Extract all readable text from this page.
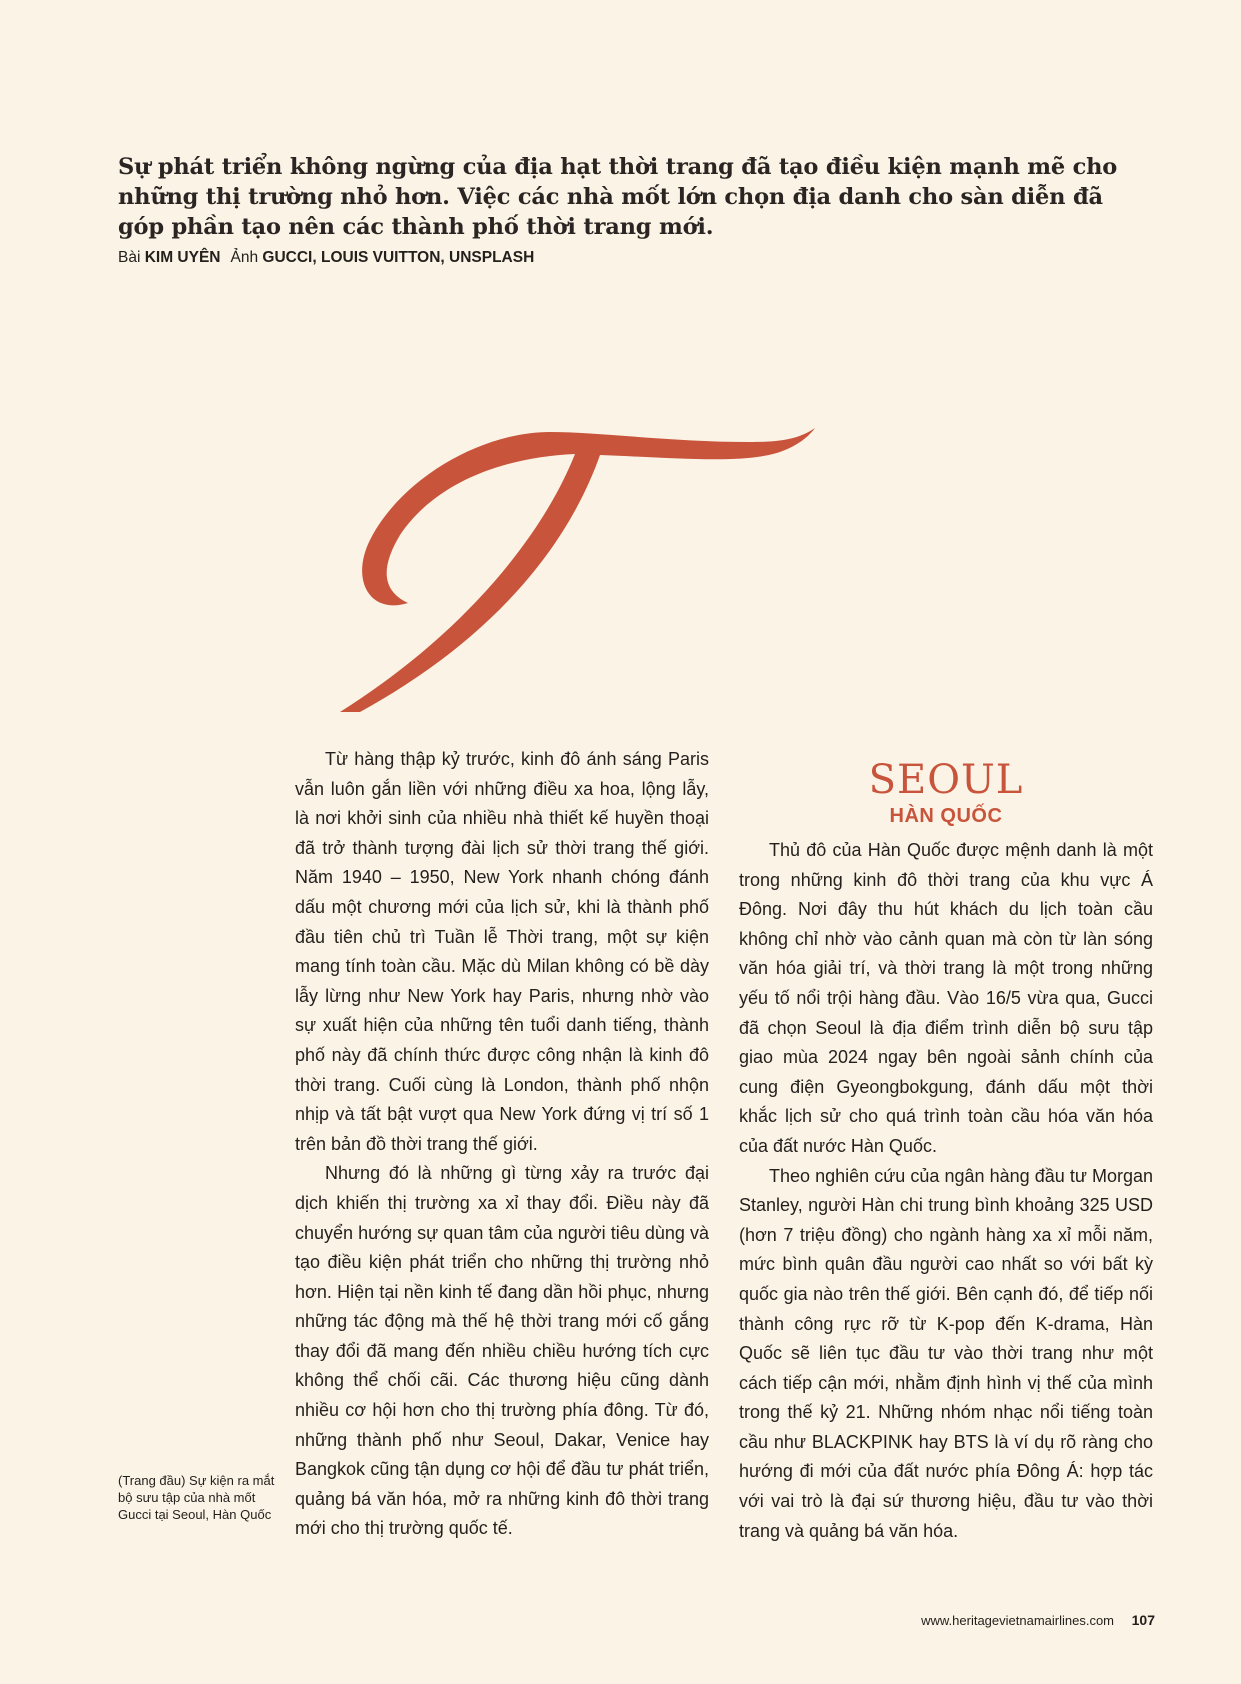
Sự phát triển không ngừng của địa hạt thời trang đã tạo điều kiện mạnh mẽ cho những thị trường nhỏ hơn. Việc các nhà mốt lớn chọn địa danh cho sàn diễn đã góp phần tạo nên các thành phố thời trang mới.
Bài KIM UYÊN Ảnh GUCCI, LOUIS VUITTON, UNSPLASH

Từ hàng thập kỷ trước, kinh đô ánh sáng Paris vẫn luôn gắn liền với những điều xa hoa, lộng lẫy, là nơi khởi sinh của nhiều nhà thiết kế huyền thoại đã trở thành tượng đài lịch sử thời trang thế giới. Năm 1940 – 1950, New York nhanh chóng đánh dấu một chương mới của lịch sử, khi là thành phố đầu tiên chủ trì Tuần lễ Thời trang, một sự kiện mang tính toàn cầu. Mặc dù Milan không có bề dày lẫy lừng như New York hay Paris, nhưng nhờ vào sự xuất hiện của những tên tuổi danh tiếng, thành phố này đã chính thức được công nhận là kinh đô thời trang. Cuối cùng là London, thành phố nhộn nhịp và tất bật vượt qua New York đứng vị trí số 1 trên bản đồ thời trang thế giới.

Nhưng đó là những gì từng xảy ra trước đại dịch khiến thị trường xa xỉ thay đổi. Điều này đã chuyển hướng sự quan tâm của người tiêu dùng và tạo điều kiện phát triển cho những thị trường nhỏ hơn. Hiện tại nền kinh tế đang dần hồi phục, nhưng những tác động mà thế hệ thời trang mới cố gắng thay đổi đã mang đến nhiều chiều hướng tích cực không thể chối cãi. Các thương hiệu cũng dành nhiều cơ hội hơn cho thị trường phía đông. Từ đó, những thành phố như Seoul, Dakar, Venice hay Bangkok cũng tận dụng cơ hội để đầu tư phát triển, quảng bá văn hóa, mở ra những kinh đô thời trang mới cho thị trường quốc tế.

SEOUL
HÀN QUỐC

Thủ đô của Hàn Quốc được mệnh danh là một trong những kinh đô thời trang của khu vực Á Đông. Nơi đây thu hút khách du lịch toàn cầu không chỉ nhờ vào cảnh quan mà còn từ làn sóng văn hóa giải trí, và thời trang là một trong những yếu tố nổi trội hàng đầu. Vào 16/5 vừa qua, Gucci đã chọn Seoul là địa điểm trình diễn bộ sưu tập giao mùa 2024 ngay bên ngoài sảnh chính của cung điện Gyeongbokgung, đánh dấu một thời khắc lịch sử cho quá trình toàn cầu hóa văn hóa của đất nước Hàn Quốc.

Theo nghiên cứu của ngân hàng đầu tư Morgan Stanley, người Hàn chi trung bình khoảng 325 USD (hơn 7 triệu đồng) cho ngành hàng xa xỉ mỗi năm, mức bình quân đầu người cao nhất so với bất kỳ quốc gia nào trên thế giới. Bên cạnh đó, để tiếp nối thành công rực rỡ từ K-pop đến K-drama, Hàn Quốc sẽ liên tục đầu tư vào thời trang như một cách tiếp cận mới, nhằm định hình vị thế của mình trong thế kỷ 21. Những nhóm nhạc nổi tiếng toàn cầu như BLACKPINK hay BTS là ví dụ rõ ràng cho hướng đi mới của đất nước phía Đông Á: hợp tác với vai trò là đại sứ thương hiệu, đầu tư vào thời trang và quảng bá văn hóa.

(Trang đầu) Sự kiện ra mắt bộ sưu tập của nhà mốt Gucci tại Seoul, Hàn Quốc
www.heritagevietnamairlines.com 107
